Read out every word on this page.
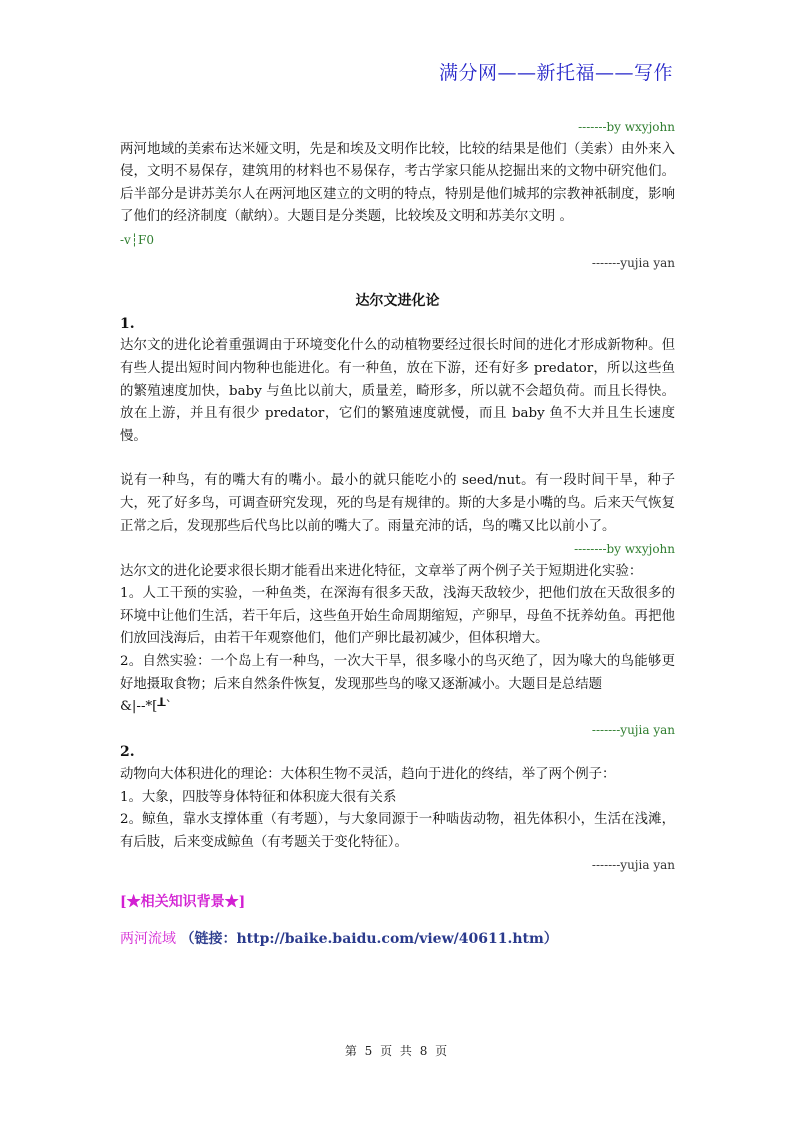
满分网——新托福——写作
-------by wxyjohn

两河地域的美索布达米娅文明，先是和埃及文明作比较，比较的结果是他们（美索）由外来入侵，文明不易保存，建筑用的材料也不易保存，考古学家只能从挖掘出来的文物中研究他们。后半部分是讲苏美尔人在两河地区建立的文明的特点，特别是他们城邦的宗教神祇制度，影响了他们的经济制度（献纳）。大题目是分类题，比较埃及文明和苏美尔文明 。

-v┆F0
-------yujia yan
达尔文进化论
1.

达尔文的进化论着重强调由于环境变化什么的动植物要经过很长时间的进化才形成新物种。但有些人提出短时间内物种也能进化。有一种鱼，放在下游，还有好多 predator，所以这些鱼的繁殖速度加快，baby 与鱼比以前大，质量差，畸形多，所以就不会超负荷。而且长得快。放在上游，并且有很少 predator，它们的繁殖速度就慢，而且 baby 鱼不大并且生长速度慢。

说有一种鸟，有的嘴大有的嘴小。最小的就只能吃小的 seed/nut。有一段时间干旱，种子大，死了好多鸟，可调查研究发现，死的鸟是有规律的。斯的大多是小嘴的鸟。后来天气恢复正常之后，发现那些后代鸟比以前的嘴大了。雨量充沛的话，鸟的嘴又比以前小了。

--------by wxyjohn

达尔文的进化论要求很长期才能看出来进化特征，文章举了两个例子关于短期进化实验：

1。人工干预的实验，一种鱼类，在深海有很多天敌，浅海天敌较少，把他们放在天敌很多的环境中让他们生活，若干年后，这些鱼开始生命周期缩短，产卵早，母鱼不抚养幼鱼。再把他们放回浅海后，由若干年观察他们，他们产卵比最初减少，但体积增大。

2。自然实验：一个岛上有一种鸟，一次大干旱，很多喙小的鸟灭绝了，因为喙大的鸟能够更好地摄取食物；后来自然条件恢复，发现那些鸟的喙又逐渐减小。大题目是总结题

&|--*[┸ˋ
-------yujia yan
2.

动物向大体积进化的理论：大体积生物不灵活，趋向于进化的终结，举了两个例子：

1。大象，四肢等身体特征和体积庞大很有关系

2。鲸鱼，靠水支撑体重（有考题），与大象同源于一种啮齿动物，祖先体积小，生活在浅滩，有后肢，后来变成鲸鱼（有考题关于变化特征）。

-------yujia yan
[★相关知识背景★]
两河流域 （链接：http://baike.baidu.com/view/40611.htm）
第 5 页 共 8 页
